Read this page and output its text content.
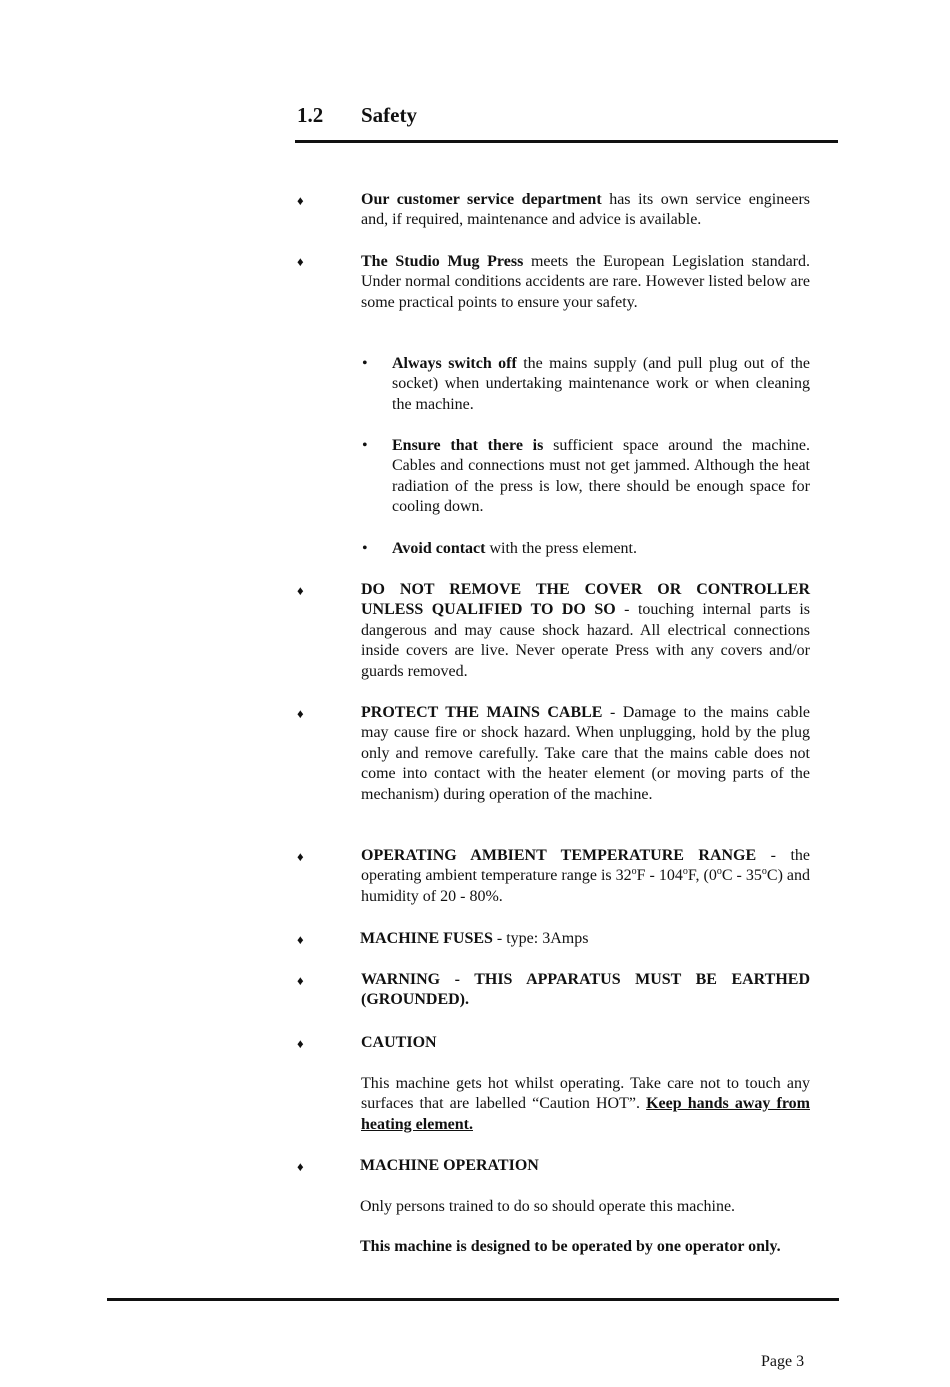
1.2 Safety
♦	Our customer service department has its own service engineers and, if required, maintenance and advice is available.

♦	The Studio Mug Press meets the European Legislation standard. Under normal conditions accidents are rare. However listed below are some practical points to ensure your safety.

• Always switch off the mains supply (and pull plug out of the socket) when undertaking maintenance work or when cleaning the machine.

• Ensure that there is sufficient space around the machine. Cables and connections must not get jammed. Although the heat radiation of the press is low, there should be enough space for cooling down.

• Avoid contact with the press element.

♦	DO NOT REMOVE THE COVER OR CONTROLLER UNLESS QUALIFIED TO DO SO - touching internal parts is dangerous and may cause shock hazard. All electrical connections inside covers are live. Never operate Press with any covers and/or guards removed.

♦	PROTECT THE MAINS CABLE - Damage to the mains cable may cause fire or shock hazard. When unplugging, hold by the plug only and remove carefully. Take care that the mains cable does not come into contact with the heater element (or moving parts of the mechanism) during operation of the machine.

♦	OPERATING AMBIENT TEMPERATURE RANGE - the operating ambient temperature range is 32$^o$F - 104$^o$F, (0$^o$C - 35$^o$C) and humidity of 20 - 80%.

♦	MACHINE FUSES - type: 3Amps

♦	WARNING - THIS APPARATUS MUST BE EARTHED (GROUNDED).

♦	CAUTION

This machine gets hot whilst operating. Take care not to touch any surfaces that are labelled “Caution HOT”. Keep hands away from heating element.

♦	MACHINE OPERATION

Only persons trained to do so should operate this machine.

This machine is designed to be operated by one operator only.

Page 3
